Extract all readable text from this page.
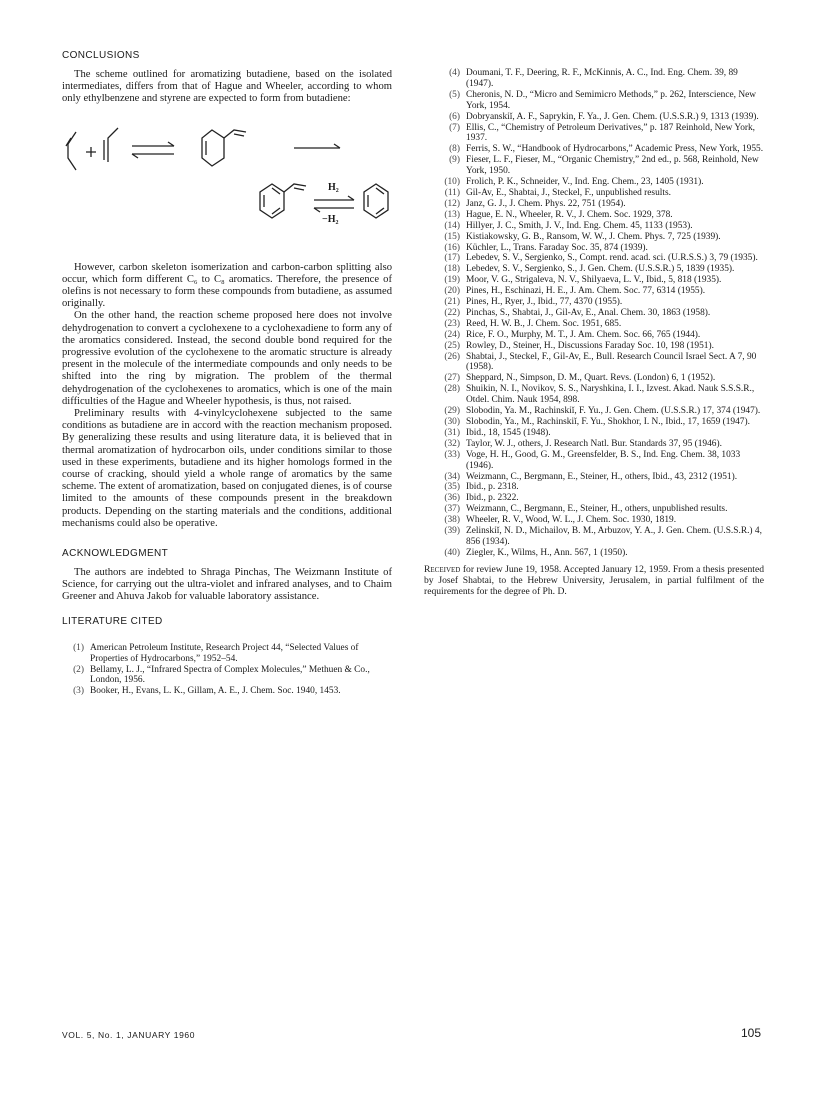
CONCLUSIONS

The scheme outlined for aromatizing butadiene, based on the isolated intermediates, differs from that of Hague and Wheeler, according to whom only ethylbenzene and styrene are expected to form from butadiene:

H₂
−H₂

However, carbon skeleton isomerization and carbon-carbon splitting also occur, which form different C₆ to C₈ aromatics. Therefore, the presence of olefins is not necessary to form these compounds from butadiene, as assumed originally.

On the other hand, the reaction scheme proposed here does not involve dehydrogenation to convert a cyclohexene to a cyclohexadiene to form any of the aromatics considered. Instead, the second double bond required for the progressive evolution of the cyclohexene to the aromatic structure is already present in the molecule of the intermediate compounds and only needs to be shifted into the ring by migration. The problem of the thermal dehydrogenation of the cyclohexenes to aromatics, which is one of the main difficulties of the Hague and Wheeler hypothesis, is thus, not raised.

Preliminary results with 4-vinylcyclohexene subjected to the same conditions as butadiene are in accord with the reaction mechanism proposed. By generalizing these results and using literature data, it is believed that in thermal aromatization of hydrocarbon oils, under conditions similar to those used in these experiments, butadiene and its higher homologs formed in the course of cracking, should yield a whole range of aromatics by the same scheme. The extent of aromatization, based on conjugated dienes, is of course limited to the amounts of these compounds present in the breakdown products. Depending on the starting materials and the conditions, additional mechanisms could also be operative.

ACKNOWLEDGMENT

The authors are indebted to Shraga Pinchas, The Weizmann Institute of Science, for carrying out the ultra-violet and infrared analyses, and to Chaim Greener and Ahuva Jakob for valuable laboratory assistance.

LITERATURE CITED
(1) American Petroleum Institute, Research Project 44, “Selected Values of Properties of Hydrocarbons,” 1952–54.
(2) Bellamy, L. J., “Infrared Spectra of Complex Molecules,” Methuen & Co., London, 1956.
(3) Booker, H., Evans, L. K., Gillam, A. E., J. Chem. Soc. 1940, 1453.
(4) Doumani, T. F., Deering, R. F., McKinnis, A. C., Ind. Eng. Chem. 39, 89 (1947).
(5) Cheronis, N. D., “Micro and Semimicro Methods,” p. 262, Interscience, New York, 1954.
(6) Dobryanskiĭ, A. F., Saprykin, F. Ya., J. Gen. Chem. (U.S.S.R.) 9, 1313 (1939).
(7) Ellis, C., “Chemistry of Petroleum Derivatives,” p. 187 Reinhold, New York, 1937.
(8) Ferris, S. W., “Handbook of Hydrocarbons,” Academic Press, New York, 1955.
(9) Fieser, L. F., Fieser, M., “Organic Chemistry,” 2nd ed., p. 568, Reinhold, New York, 1950.
(10) Frolich, P. K., Schneider, V., Ind. Eng. Chem., 23, 1405 (1931).
(11) Gil-Av, E., Shabtai, J., Steckel, F., unpublished results.
(12) Janz, G. J., J. Chem. Phys. 22, 751 (1954).
(13) Hague, E. N., Wheeler, R. V., J. Chem. Soc. 1929, 378.
(14) Hillyer, J. C., Smith, J. V., Ind. Eng. Chem. 45, 1133 (1953).
(15) Kistiakowsky, G. B., Ransom, W. W., J. Chem. Phys. 7, 725 (1939).
(16) Küchler, L., Trans. Faraday Soc. 35, 874 (1939).
(17) Lebedev, S. V., Sergienko, S., Compt. rend. acad. sci. (U.R.S.S.) 3, 79 (1935).
(18) Lebedev, S. V., Sergienko, S., J. Gen. Chem. (U.S.S.R.) 5, 1839 (1935).
(19) Moor, V. G., Strigaleva, N. V., Shilyaeva, L. V., Ibid., 5, 818 (1935).
(20) Pines, H., Eschinazi, H. E., J. Am. Chem. Soc. 77, 6314 (1955).
(21) Pines, H., Ryer, J., Ibid., 77, 4370 (1955).
(22) Pinchas, S., Shabtai, J., Gil-Av, E., Anal. Chem. 30, 1863 (1958).
(23) Reed, H. W. B., J. Chem. Soc. 1951, 685.
(24) Rice, F. O., Murphy, M. T., J. Am. Chem. Soc. 66, 765 (1944).
(25) Rowley, D., Steiner, H., Discussions Faraday Soc. 10, 198 (1951).
(26) Shabtai, J., Steckel, F., Gil-Av, E., Bull. Research Council Israel Sect. A 7, 90 (1958).
(27) Sheppard, N., Simpson, D. M., Quart. Revs. (London) 6, 1 (1952).
(28) Shuikin, N. I., Novikov, S. S., Naryshkina, I. I., Izvest. Akad. Nauk S.S.S.R., Otdel. Chim. Nauk 1954, 898.
(29) Slobodin, Ya. M., Rachinskiĭ, F. Yu., J. Gen. Chem. (U.S.S.R.) 17, 374 (1947).
(30) Slobodin, Ya., M., Rachinskiĭ, F. Yu., Shokhor, I. N., Ibid., 17, 1659 (1947).
(31) Ibid., 18, 1545 (1948).
(32) Taylor, W. J., others, J. Research Natl. Bur. Standards 37, 95 (1946).
(33) Voge, H. H., Good, G. M., Greensfelder, B. S., Ind. Eng. Chem. 38, 1033 (1946).
(34) Weizmann, C., Bergmann, E., Steiner, H., others, Ibid., 43, 2312 (1951).
(35) Ibid., p. 2318.
(36) Ibid., p. 2322.
(37) Weizmann, C., Bergmann, E., Steiner, H., others, unpublished results.
(38) Wheeler, R. V., Wood, W. L., J. Chem. Soc. 1930, 1819.
(39) Zelinskiĭ, N. D., Michailov, B. M., Arbuzov, Y. A., J. Gen. Chem. (U.S.S.R.) 4, 856 (1934).
(40) Ziegler, K., Wilms, H., Ann. 567, 1 (1950).

Received for review June 19, 1958. Accepted January 12, 1959. From a thesis presented by Josef Shabtai, to the Hebrew University, Jerusalem, in partial fulfilment of the requirements for the degree of Ph. D.

VOL. 5, No. 1, JANUARY 1960	105
